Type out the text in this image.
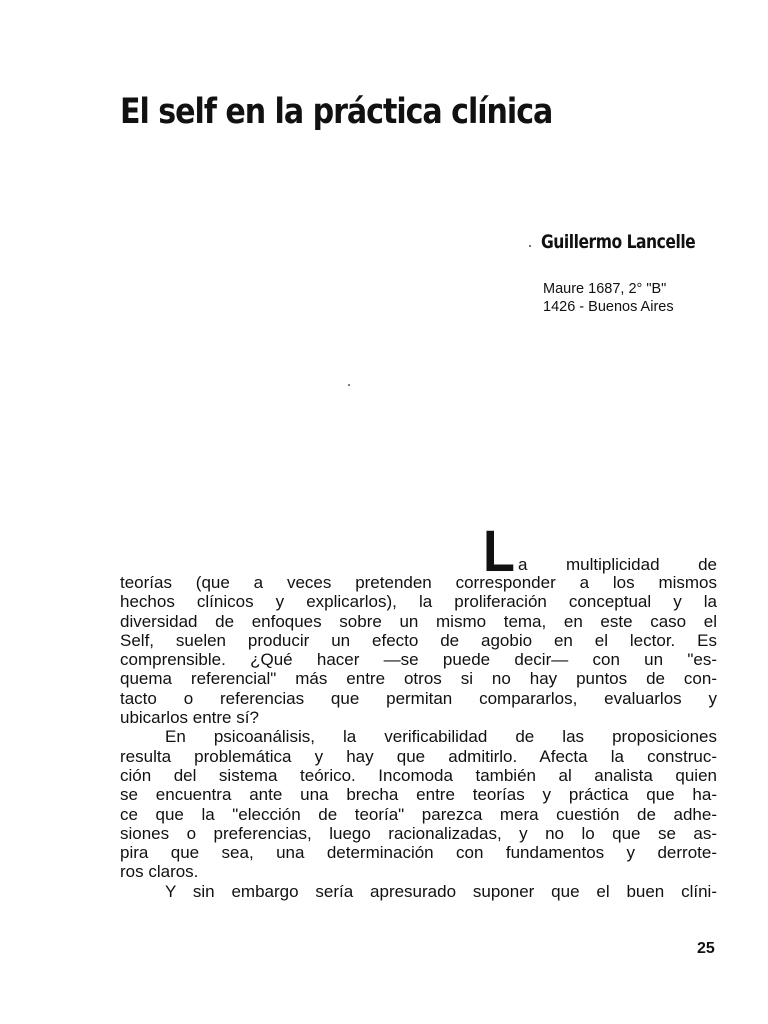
El self en la práctica clínica
Guillermo Lancelle
Maure 1687, 2° "B"
1426 - Buenos Aires
L a multiplicidad de
teorías (que a veces pretenden corresponder a los mismos
hechos clínicos y explicarlos), la proliferación conceptual y la
diversidad de enfoques sobre un mismo tema, en este caso el
Self, suelen producir un efecto de agobio en el lector. Es
comprensible. ¿Qué hacer —se puede decir— con un "es-
quema referencial" más entre otros si no hay puntos de con-
tacto o referencias que permitan compararlos, evaluarlos y
ubicarlos entre sí?
En psicoanálisis, la verificabilidad de las proposiciones
resulta problemática y hay que admitirlo. Afecta la construc-
ción del sistema teórico. Incomoda también al analista quien
se encuentra ante una brecha entre teorías y práctica que ha-
ce que la "elección de teoría" parezca mera cuestión de adhe-
siones o preferencias, luego racionalizadas, y no lo que se as-
pira que sea, una determinación con fundamentos y derrote-
ros claros.
Y sin embargo sería apresurado suponer que el buen clíni-
25
